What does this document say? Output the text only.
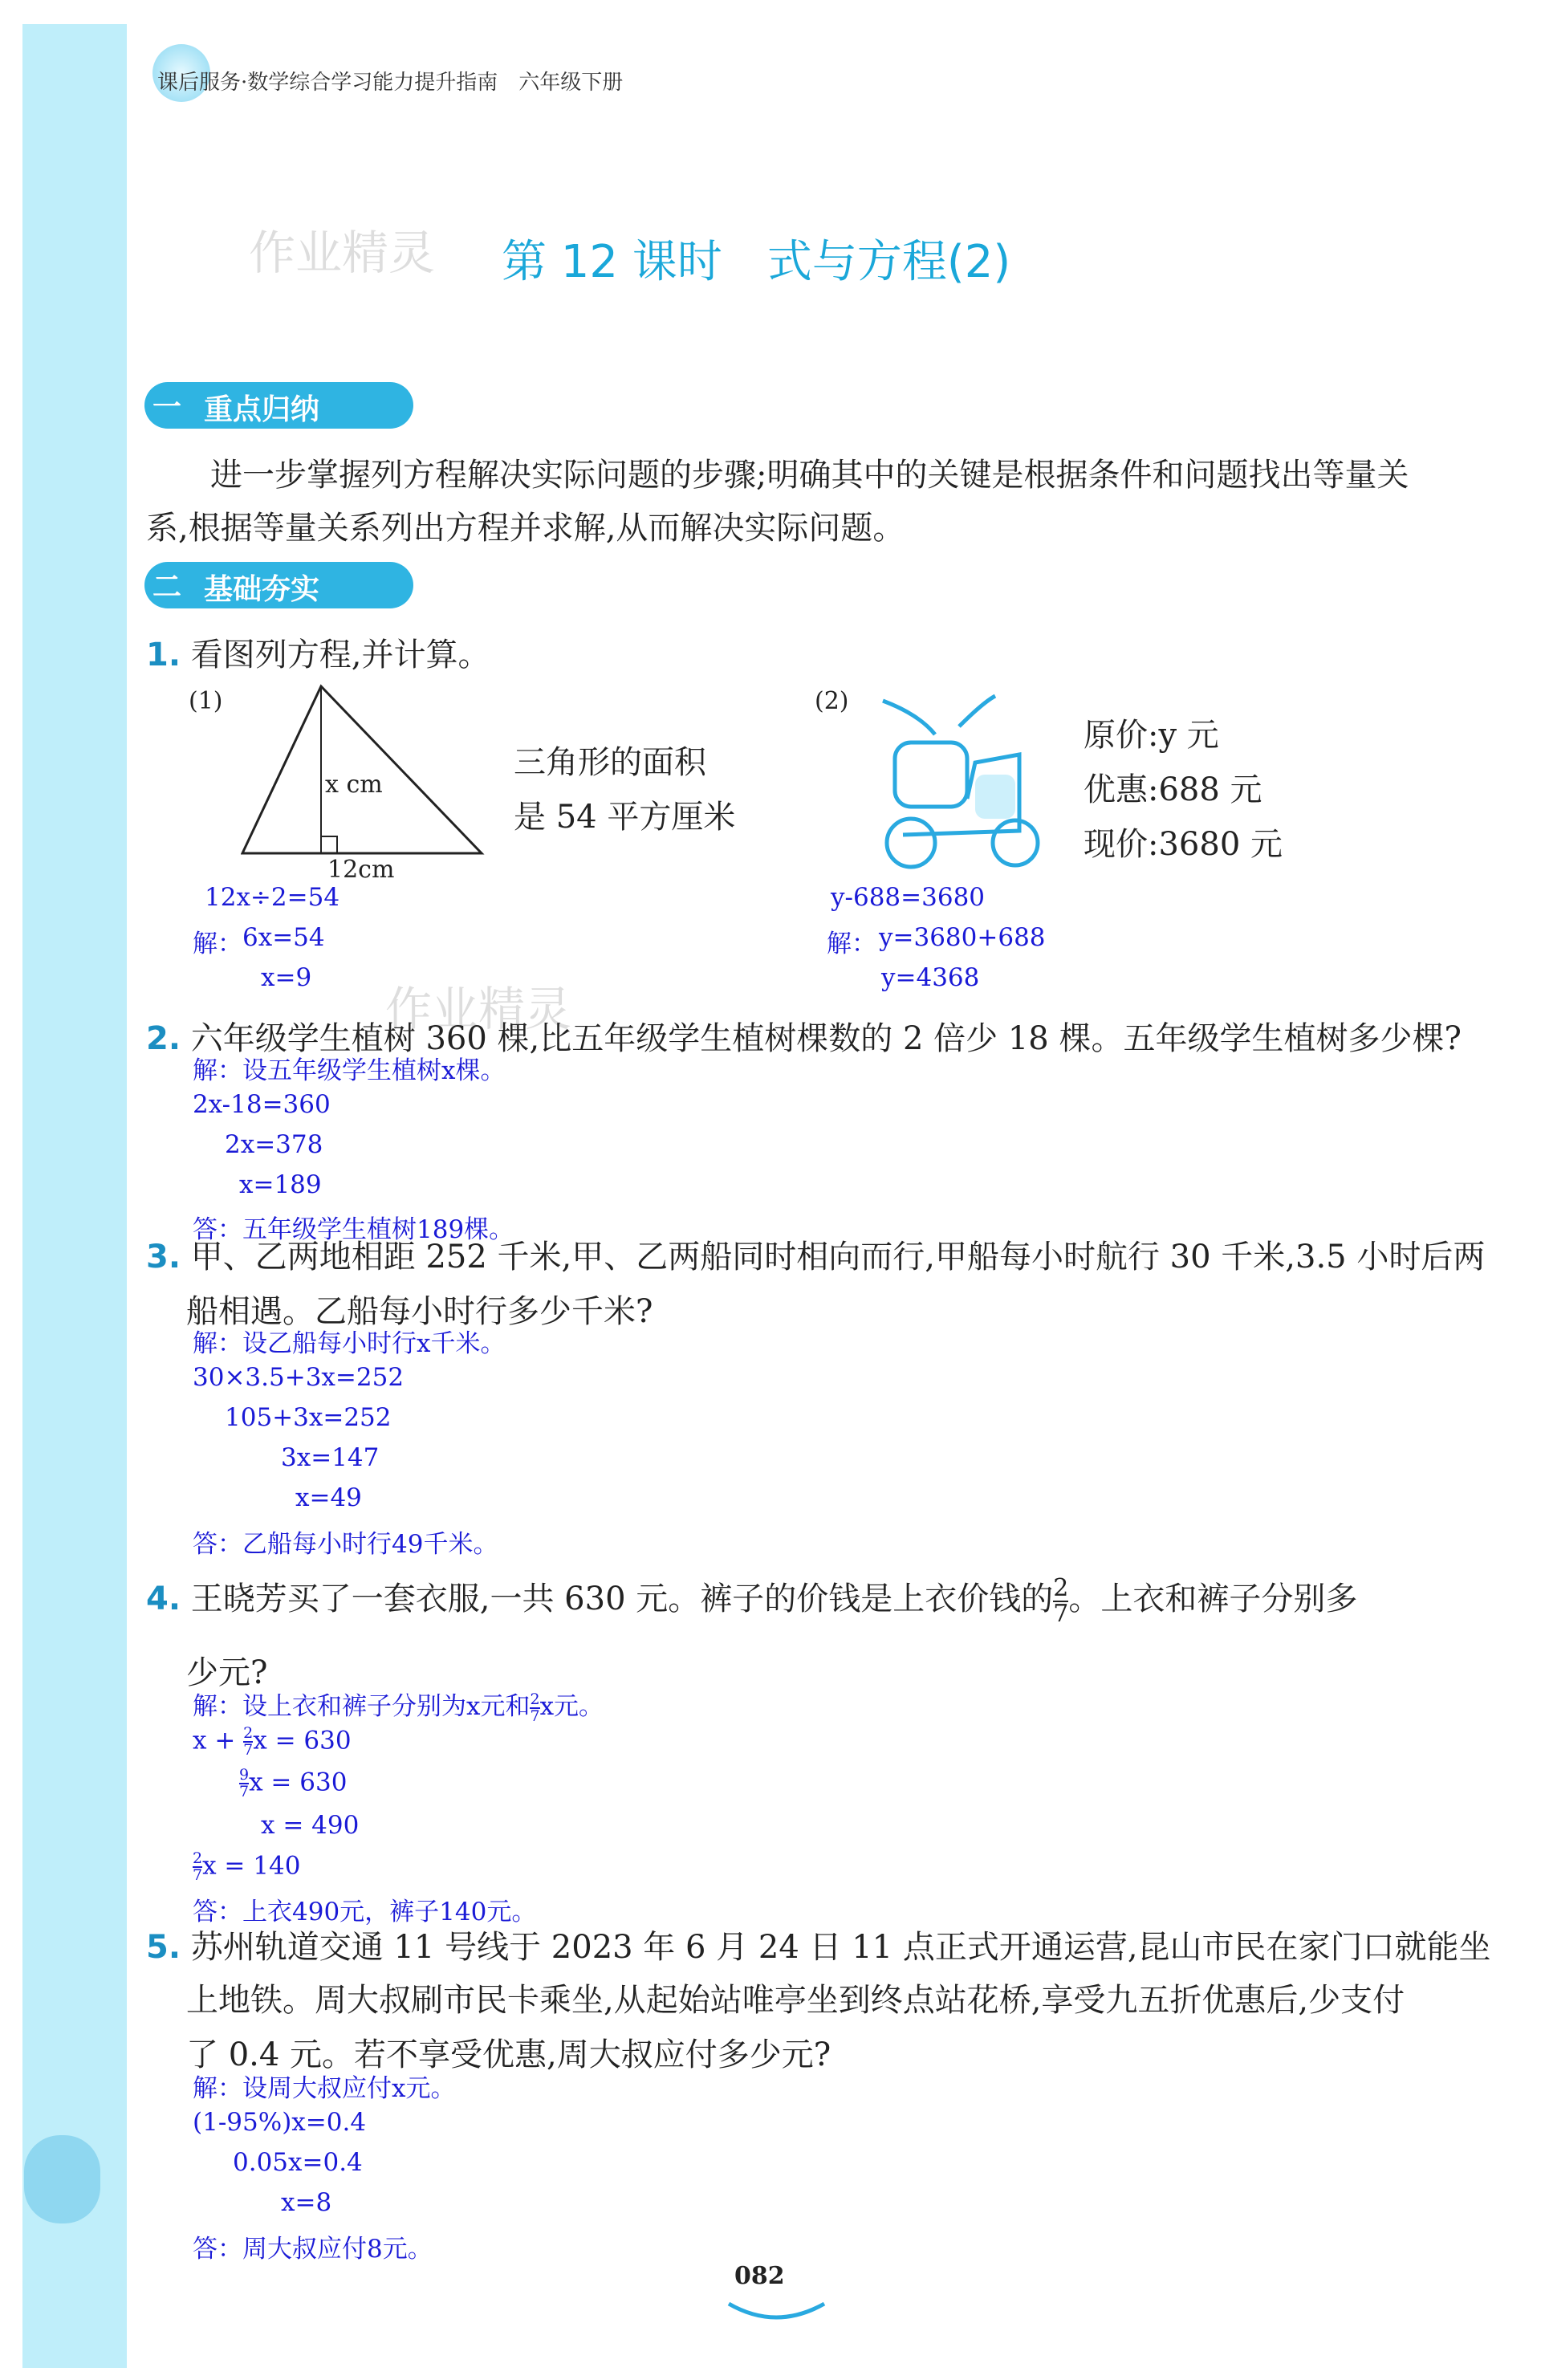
课后服务·数学综合学习能力提升指南　六年级下册
作业精灵 第 12 课时　式与方程(2)
一 重点归纳
进一步掌握列方程解决实际问题的步骤;明确其中的关键是根据条件和问题找出等量关
系,根据等量关系列出方程并求解,从而解决实际问题。
二 基础夯实
1. 看图列方程,并计算。
(1)
x cm
12cm
三角形的面积
是 54 平方厘米
12x÷2=54
解： 6x=54
x=9
(2)
原价:y 元
优惠:688 元
现价:3680 元
y-688=3680
解： y=3680+688
y=4368
作业精灵
2. 六年级学生植树 360 棵,比五年级学生植树棵数的 2 倍少 18 棵。五年级学生植树多少棵?
解：设五年级学生植树x棵。
2x-18=360
2x=378
x=189
答：五年级学生植树189棵。
3. 甲、乙两地相距 252 千米,甲、乙两船同时相向而行,甲船每小时航行 30 千米,3.5 小时后两
船相遇。乙船每小时行多少千米?
解：设乙船每小时行x千米。
30×3.5+3x=252
105+3x=252
3x=147
x=49
答：乙船每小时行49千米。
4. 王晓芳买了一套衣服,一共 630 元。裤子的价钱是上衣价钱的 $\frac{2}{7}$ 。上衣和裤子分别多
少元?
解：设上衣和裤子分别为x元和 $\frac{2}{7}$ x元。
$x + \frac{2}{7}$ x = 630
$\frac{9}{7}$ x = 630
x = 490
$\frac{2}{7}$ x = 140
答：上衣490元，裤子140元。
5. 苏州轨道交通 11 号线于 2023 年 6 月 24 日 11 点正式开通运营,昆山市民在家门口就能坐
上地铁。周大叔刷市民卡乘坐,从起始站唯亭坐到终点站花桥,享受九五折优惠后,少支付
了 0.4 元。若不享受优惠,周大叔应付多少元?
解：设周大叔应付x元。
(1-95%)x=0.4
0.05x=0.4
x=8
答：周大叔应付8元。
082
